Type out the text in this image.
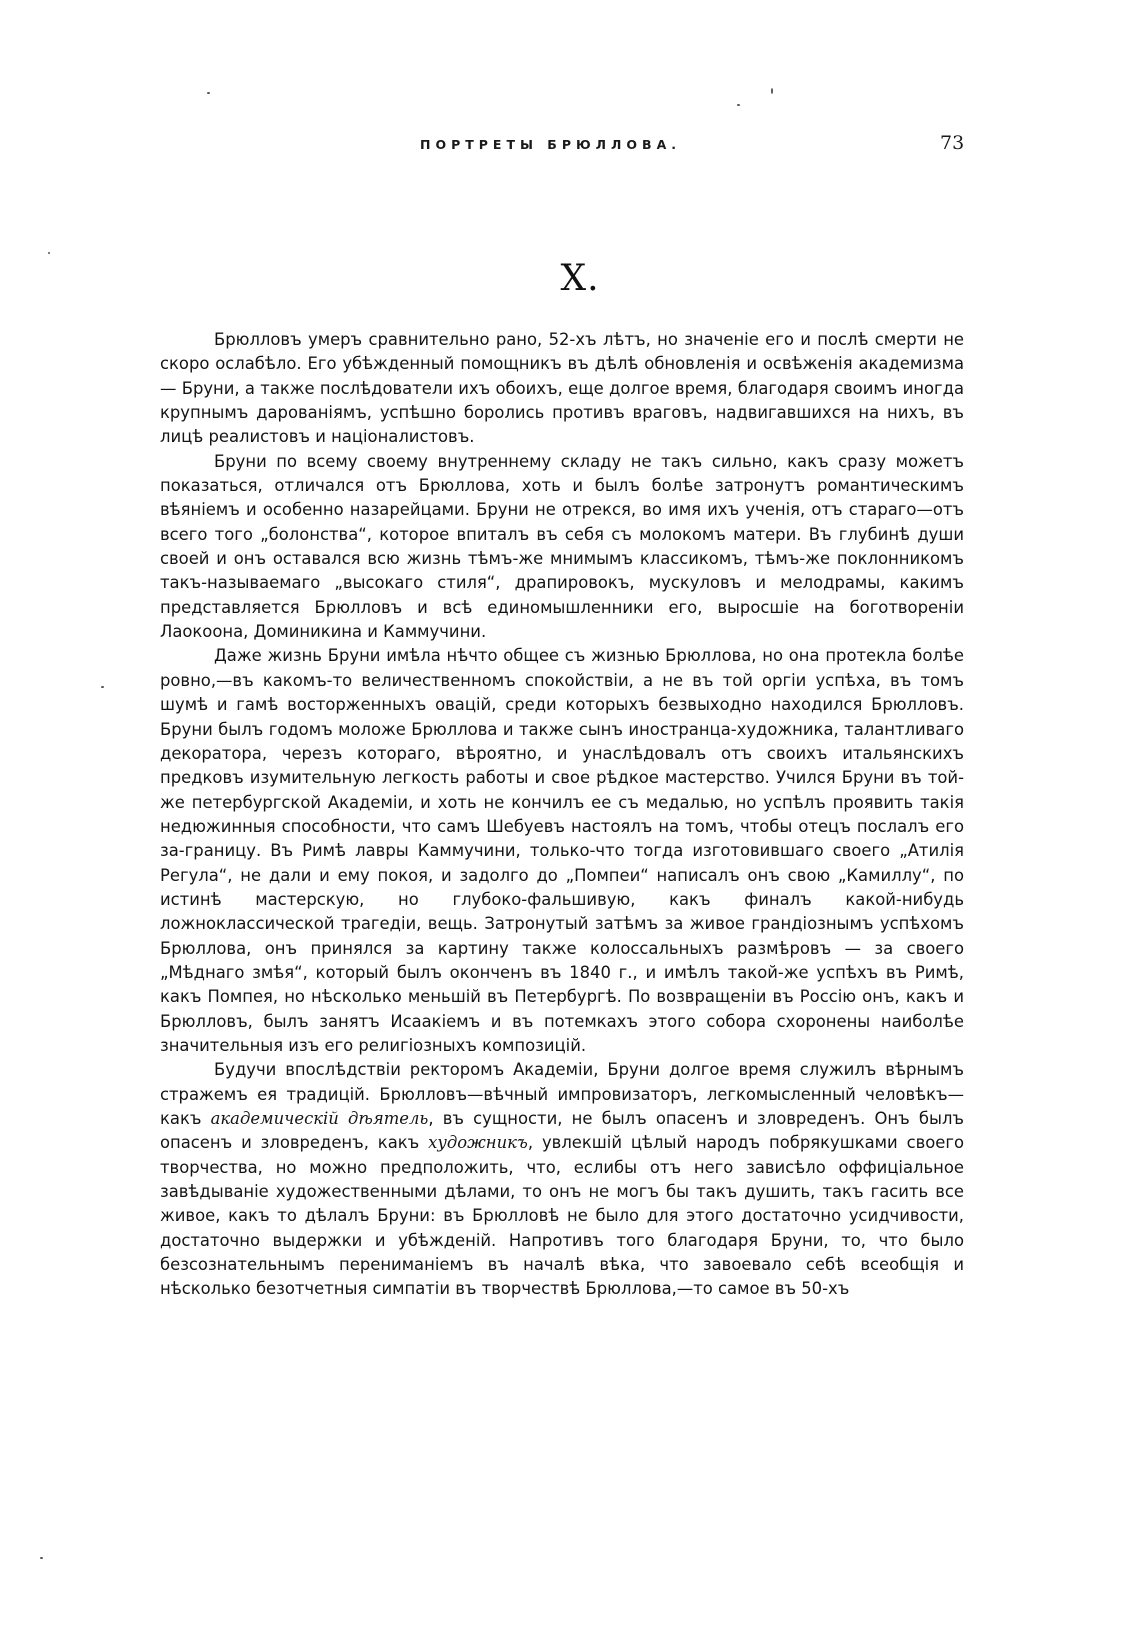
ПОРТРЕТЫ БРЮЛЛОВА.	73
X.

Брюлловъ умеръ сравнительно рано, 52-хъ лѣтъ, но значеніе его и послѣ смерти не скоро ослабѣло. Его убѣжденный помощникъ въ дѣлѣ обновленія и освѣженія академизма — Бруни, а также послѣдователи ихъ обоихъ, еще долгое время, благодаря своимъ иногда крупнымъ дарованіямъ, успѣшно боролись противъ враговъ, надвигавшихся на нихъ, въ лицѣ реалистовъ и націоналистовъ.

Бруни по всему своему внутреннему складу не такъ сильно, какъ сразу можетъ показаться, отличался отъ Брюллова, хоть и былъ болѣе затронутъ романтическимъ вѣяніемъ и особенно назарейцами. Бруни не отрекся, во имя ихъ ученія, отъ стараго—отъ всего того „болонства“, которое впиталъ въ себя съ молокомъ матери. Въ глубинѣ души своей и онъ оставался всю жизнь тѣмъ-же мнимымъ классикомъ, тѣмъ-же поклонникомъ такъ-называемаго „высокаго стиля“, драпировокъ, мускуловъ и мелодрамы, какимъ представляется Брюлловъ и всѣ единомышленники его, выросшіе на боготвореніи Лаокоона, Доминикина и Каммучини.

Даже жизнь Бруни имѣла нѣчто общее съ жизнью Брюллова, но она протекла болѣе ровно,—въ какомъ-то величественномъ спокойствіи, а не въ той оргіи успѣха, въ томъ шумѣ и гамѣ восторженныхъ овацій, среди которыхъ безвыходно находился Брюлловъ. Бруни былъ годомъ моложе Брюллова и также сынъ иностранца-художника, талантливаго декоратора, черезъ котораго, вѣроятно, и унаслѣдовалъ отъ своихъ итальянскихъ предковъ изумительную легкость работы и свое рѣдкое мастерство. Учился Бруни въ той-же петербургской Академіи, и хоть не кончилъ ее съ медалью, но успѣлъ проявить такія недюжинныя способности, что самъ Шебуевъ настоялъ на томъ, чтобы отецъ послалъ его за-границу. Въ Римѣ лавры Каммучини, только-что тогда изготовившаго своего „Атилія Регула“, не дали и ему покоя, и задолго до „Помпеи“ написалъ онъ свою „Камиллу“, по истинѣ мастерскую, но глубоко-фальшивую, какъ финалъ какой-нибудь ложноклассической трагедіи, вещь. Затронутый затѣмъ за живое грандіознымъ успѣхомъ Брюллова, онъ принялся за картину также колоссальныхъ размѣровъ — за своего „Мѣднаго змѣя“, который былъ оконченъ въ 1840 г., и имѣлъ такой-же успѣхъ въ Римѣ, какъ Помпея, но нѣсколько меньшій въ Петербургѣ. По возвращеніи въ Россію онъ, какъ и Брюлловъ, былъ занятъ Исаакіемъ и въ потемкахъ этого собора схоронены наиболѣе значительныя изъ его религіозныхъ композицій.

Будучи впослѣдствіи ректоромъ Академіи, Бруни долгое время служилъ вѣрнымъ стражемъ ея традицій. Брюлловъ—вѣчный импровизаторъ, легкомысленный человѣкъ—какъ академическій дѣятель, въ сущности, не былъ опасенъ и зловреденъ. Онъ былъ опасенъ и зловреденъ, какъ художникъ, увлекшій цѣлый народъ побрякушками своего творчества, но можно предположить, что, еслибы отъ него зависѣло оффиціальное завѣдываніе художественными дѣлами, то онъ не могъ бы такъ душить, такъ гасить все живое, какъ то дѣлалъ Бруни: въ Брюлловѣ не было для этого достаточно усидчивости, достаточно выдержки и убѣжденій. Напротивъ того благодаря Бруни, то, что было безсознательнымъ перениманіемъ въ началѣ вѣка, что завоевало себѣ всеобщія и нѣсколько безотчетныя симпатіи въ творчествѣ Брюллова,—то самое въ 50-хъ
